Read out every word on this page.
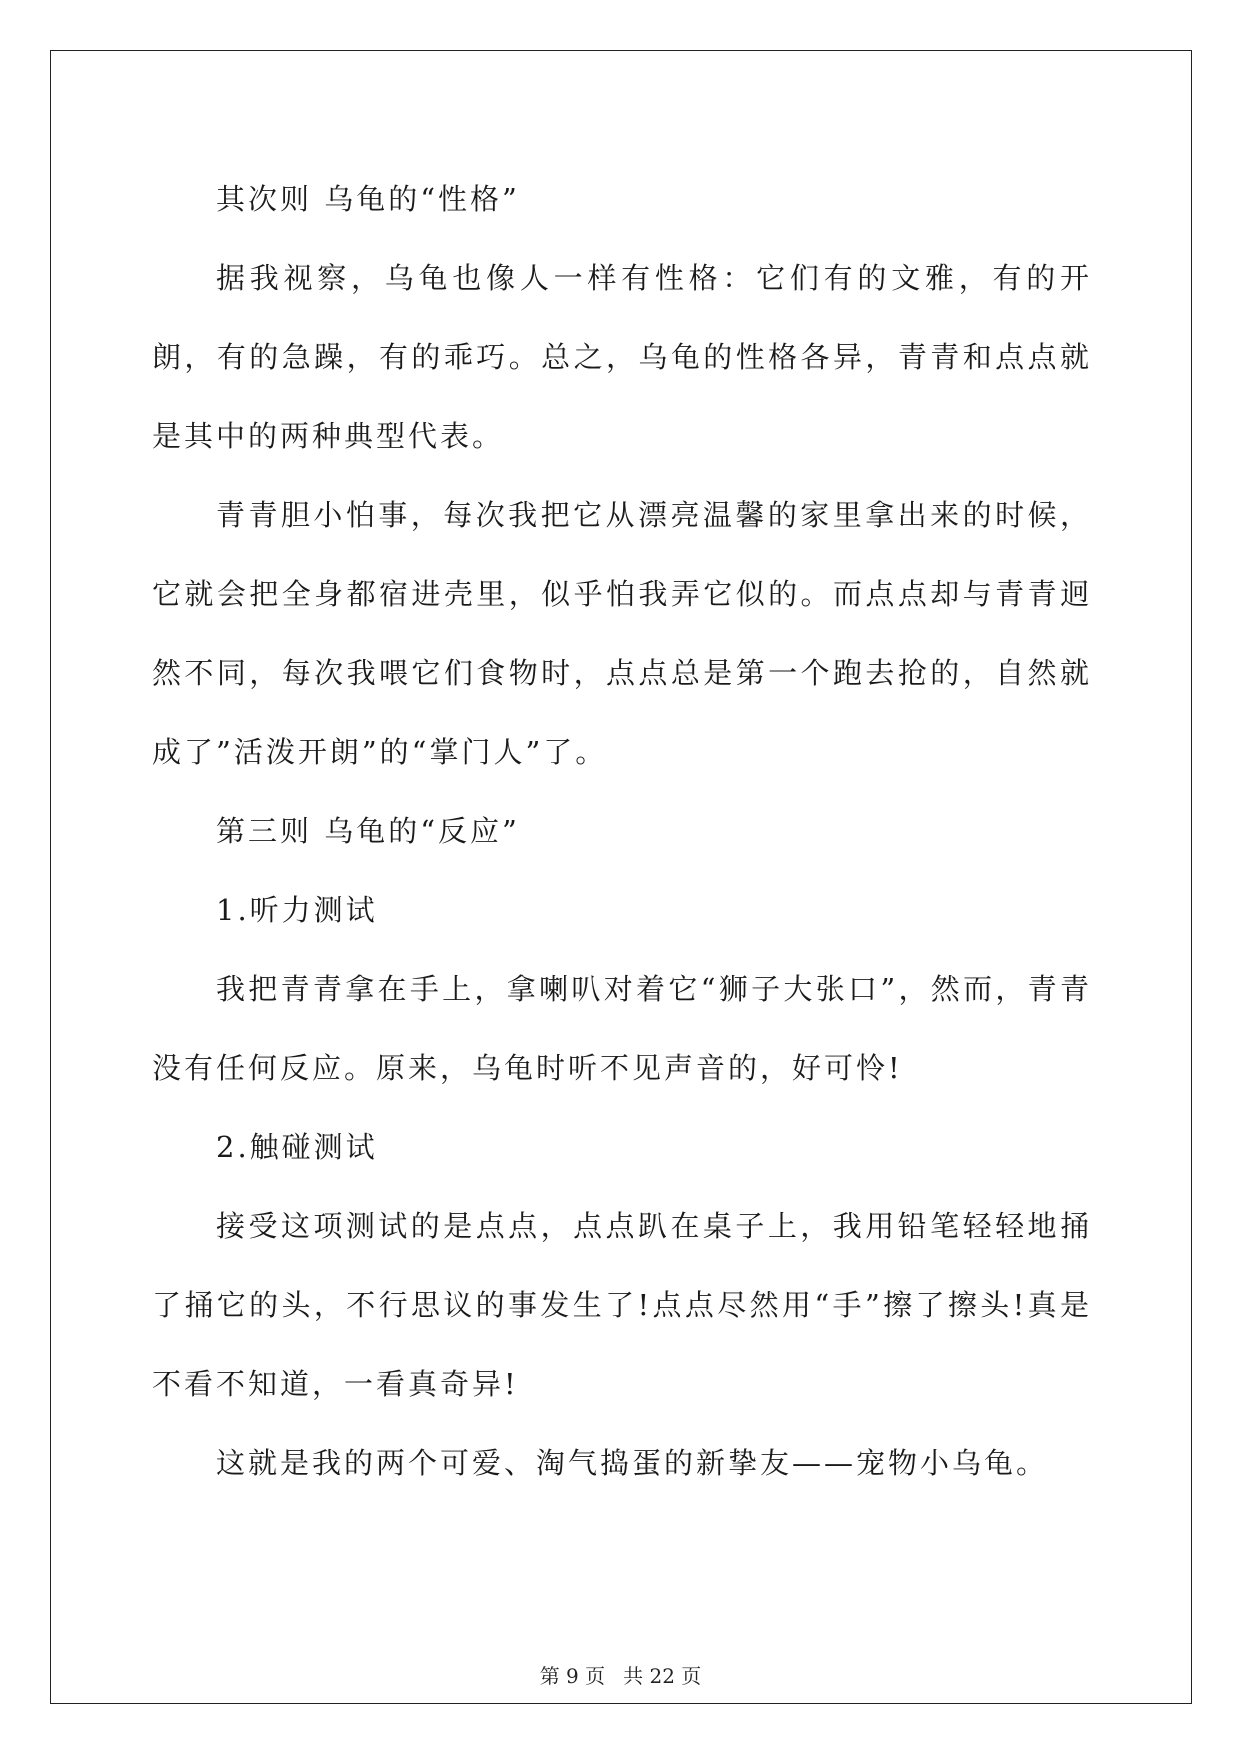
其次则 乌龟的“性格”

据我视察，乌龟也像人一样有性格：它们有的文雅，有的开朗，有的急躁，有的乖巧。总之，乌龟的性格各异，青青和点点就是其中的两种典型代表。

青青胆小怕事，每次我把它从漂亮温馨的家里拿出来的时候，它就会把全身都宿进壳里，似乎怕我弄它似的。而点点却与青青迥然不同，每次我喂它们食物时，点点总是第一个跑去抢的，自然就成了”活泼开朗”的“掌门人”了。

第三则 乌龟的“反应”

1.听力测试

我把青青拿在手上，拿喇叭对着它“狮子大张口”，然而，青青没有任何反应。原来，乌龟时听不见声音的，好可怜!

2.触碰测试

接受这项测试的是点点，点点趴在桌子上，我用铅笔轻轻地捅了捅它的头，不行思议的事发生了!点点尽然用“手”擦了擦头!真是不看不知道，一看真奇异!

这就是我的两个可爱、淘气捣蛋的新挚友——宠物小乌龟。

第 9 页 共 22 页
